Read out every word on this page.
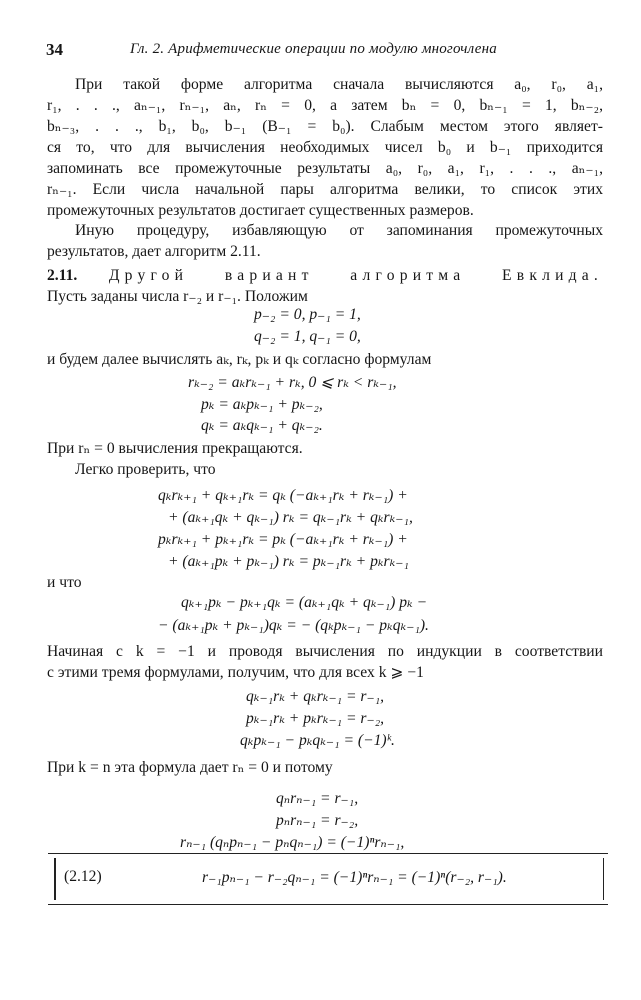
34	Гл. 2. Арифметические операции по модулю многочлена
При такой форме алгоритма сначала вычисляются a₀, r₀, a₁,
r₁, . . ., aₙ₋₁, rₙ₋₁, aₙ, rₙ = 0, а затем bₙ = 0, bₙ₋₁ = 1, bₙ₋₂,
bₙ₋₃, . . ., b₁, b₀, b₋₁ (B₋₁ = b₀). Слабым местом этого являет-
ся то, что для вычисления необходимых чисел b₀ и b₋₁ приходится
запоминать все промежуточные результаты a₀, r₀, a₁, r₁, . . ., aₙ₋₁,
rₙ₋₁. Если числа начальной пары алгоритма велики, то список этих
промежуточных результатов достигает существенных размеров.
Иную процедуру, избавляющую от запоминания промежуточных
результатов, дает алгоритм 2.11.
2.11. Другой вариант алгоритма Евклида.
Пусть заданы числа r₋₂ и r₋₁. Положим
p₋₂ = 0, p₋₁ = 1,
q₋₂ = 1, q₋₁ = 0,
и будем далее вычислять aₖ, rₖ, pₖ и qₖ согласно формулам
rₖ₋₂ = aₖrₖ₋₁ + rₖ, 0 ⩽ rₖ < rₖ₋₁,
pₖ = aₖpₖ₋₁ + pₖ₋₂,
qₖ = aₖqₖ₋₁ + qₖ₋₂.
При rₙ = 0 вычисления прекращаются.
Легко проверить, что
qₖrₖ₊₁ + qₖ₊₁rₖ = qₖ (−aₖ₊₁rₖ + rₖ₋₁) +
+ (aₖ₊₁qₖ + qₖ₋₁) rₖ = qₖ₋₁rₖ + qₖrₖ₋₁,
pₖrₖ₊₁ + pₖ₊₁rₖ = pₖ (−aₖ₊₁rₖ + rₖ₋₁) +
+ (aₖ₊₁pₖ + pₖ₋₁) rₖ = pₖ₋₁rₖ + pₖrₖ₋₁
и что
qₖ₊₁pₖ − pₖ₊₁qₖ = (aₖ₊₁qₖ + qₖ₋₁) pₖ −
− (aₖ₊₁pₖ + pₖ₋₁)qₖ = − (qₖpₖ₋₁ − pₖqₖ₋₁).
Начиная с k = −1 и проводя вычисления по индукции в соответствии
с этими тремя формулами, получим, что для всех k ⩾ −1
qₖ₋₁rₖ + qₖrₖ₋₁ = r₋₁,
pₖ₋₁rₖ + pₖrₖ₋₁ = r₋₂,
qₖpₖ₋₁ − pₖqₖ₋₁ = (−1)ᵏ.
При k = n эта формула дает rₙ = 0 и потому
qₙrₙ₋₁ = r₋₁,
pₙrₙ₋₁ = r₋₂,
rₙ₋₁ (qₙpₙ₋₁ − pₙqₙ₋₁) = (−1)ⁿrₙ₋₁,
(2.12)	r₋₁pₙ₋₁ − r₋₂qₙ₋₁ = (−1)ⁿrₙ₋₁ = (−1)ⁿ(r₋₂, r₋₁).
